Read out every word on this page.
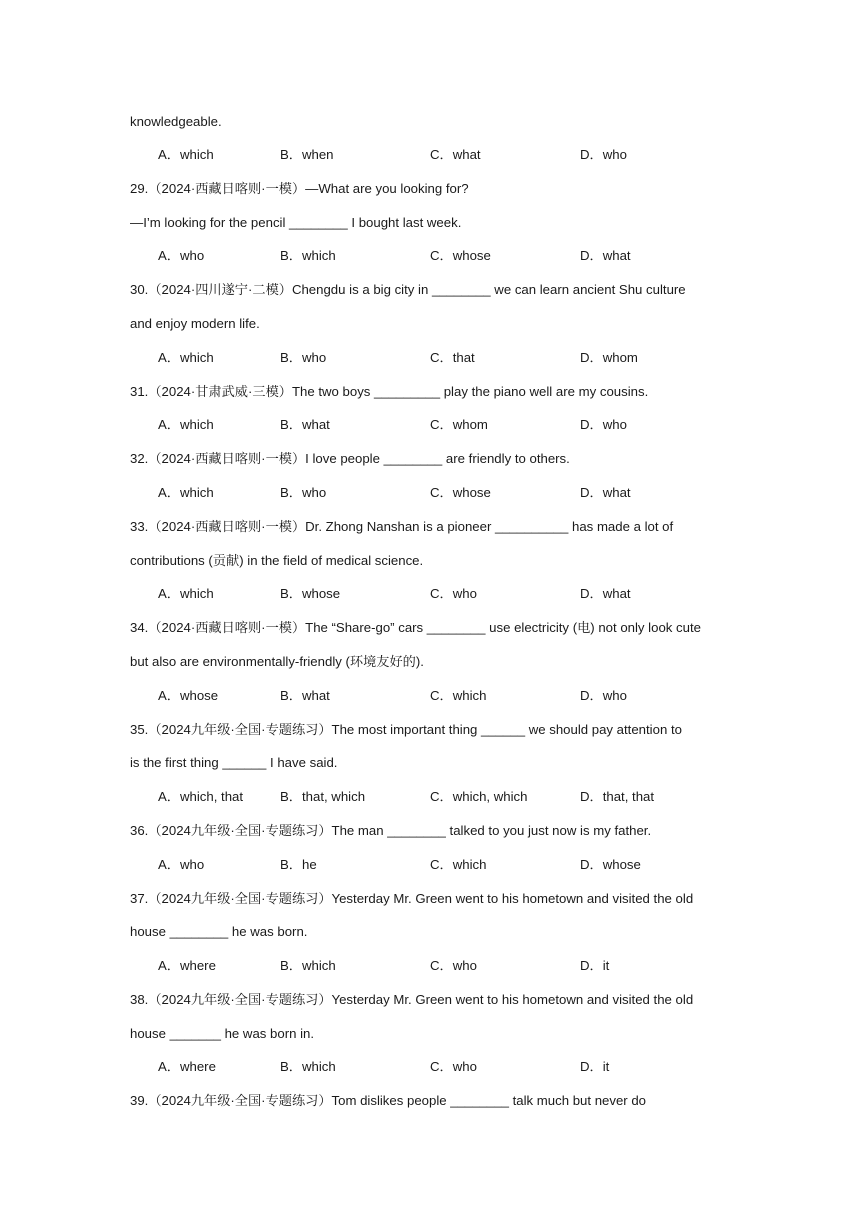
knowledgeable.
A．which	B．when	C．what	D．who
29.（2024·西藏日喀则·一模）—What are you looking for?
—I’m looking for the pencil ________ I bought last week.
A．who	B．which	C．whose	D．what
30.（2024·四川遂宁·二模）Chengdu is a big city in ________ we can learn ancient Shu culture
and enjoy modern life.
A．which	B．who	C．that	D．whom
31.（2024·甘肃武威·三模）The two boys _________ play the piano well are my cousins.
A．which	B．what	C．whom	D．who
32.（2024·西藏日喀则·一模）I love people ________ are friendly to others.
A．which	B．who	C．whose	D．what
33.（2024·西藏日喀则·一模）Dr. Zhong Nanshan is a pioneer __________ has made a lot of
contributions (贡献) in the field of medical science.
A．which	B．whose	C．who	D．what
34.（2024·西藏日喀则·一模）The “Share-go” cars ________ use electricity (电) not only look cute
but also are environmentally-friendly (环境友好的).
A．whose	B．what	C．which	D．who
35.（2024九年级·全国·专题练习）The most important thing ______ we should pay attention to
is the first thing ______ I have said.
A．which, that	B．that, which	C．which, which	D．that, that
36.（2024九年级·全国·专题练习）The man ________ talked to you just now is my father.
A．who	B．he	C．which	D．whose
37.（2024九年级·全国·专题练习）Yesterday Mr. Green went to his hometown and visited the old
house ________ he was born.
A．where	B．which	C．who	D．it
38.（2024九年级·全国·专题练习）Yesterday Mr. Green went to his hometown and visited the old
house _______ he was born in.
A．where	B．which	C．who	D．it
39.（2024九年级·全国·专题练习）Tom dislikes people ________ talk much but never do
